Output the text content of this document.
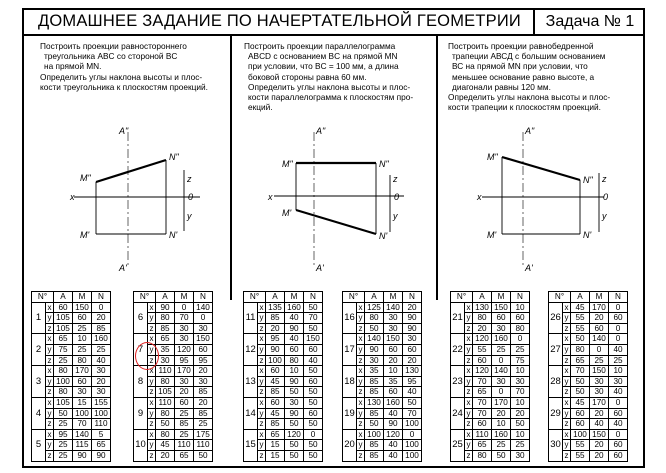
ДОМАШНЕЕ ЗАДАНИЕ ПО НАЧЕРТАТЕЛЬНОЙ ГЕОМЕТРИИ	Задача № 1
Построить проекции равностороннего
треугольника ABC со стороной BC
на прямой MN.
Определить углы наклона высоты и плос-
кости треугольника к плоскостям проекций.
Построить проекции параллелограмма
ABCD с основанием BC на прямой MN
при условии, что BC = 100 мм, а длина
боковой стороны равна 60 мм.
Определить углы наклона высоты и плос-
кости параллелограмма к плоскостям про-
екций.
Построить проекции равнобедренной
трапеции АВСД с большим основанием
ВС на прямой MN при условии, что
меньшее основание равно высоте, а
диагонали равны 120 мм.
Определить углы наклона высоты и плос-
кости трапеции к плоскостям проекций.
A"
M"
N"
x
z
0
y
M'	N'
A'
A"
M"	N"
x
z
0
y
M'
N'
A'
A"
M"
N"
x
z
0
y
M'	N'
A'
N°		A	M	N
1	x	60	150	0
	y	105	60	20
	z	105	25	85
2	x	65	10	160
	y	75	25	25
	z	25	80	40
3	x	80	170	30
	y	100	60	20
	z	80	30	30
4	x	105	15	155
	y	50	100	100
	z	25	70	110
5	x	95	140	5
	y	25	115	65
	z	25	90	90
N°		A	M	N
6	x	90	0	140
	y	80	70	0
	z	85	30	30
7	x	65	30	150
	y	35	120	60
	z	30	95	95
8	x	110	170	20
	y	80	30	30
	z	105	20	85
9	x	110	60	20
	y	80	25	85
	z	50	85	25
10	x	80	25	175
	y	45	110	110
	z	20	65	50
N°		A	M	N
11	x	135	160	50
	y	85	40	70
	z	20	90	50
12	x	95	40	150
	y	90	60	60
	z	100	80	40
13	x	60	10	50
	y	45	90	60
	z	85	50	50
14	x	60	30	50
	y	45	90	60
	z	85	50	50
15	x	65	120	0
	y	15	50	50
	z	15	50	50
N°		A	M	N
16	x	125	140	20
	y	80	30	90
	z	50	30	90
17	x	140	150	30
	y	90	60	60
	z	30	20	20
18	x	35	10	130
	y	85	35	95
	z	85	60	40
19	x	130	160	50
	y	85	40	70
	z	50	90	100
20	x	100	120	0
	y	85	40	100
	z	85	40	100
N°		A	M	N
21	x	130	150	10
	y	80	60	60
	z	20	30	80
22	x	120	160	0
	y	55	25	25
	z	60	0	75
23	x	120	140	10
	y	70	30	30
	z	65	0	70
24	x	70	170	10
	y	70	20	20
	z	60	10	50
25	x	110	160	10
	y	65	25	25
	z	80	50	30
N°		A	M	N
26	x	45	170	0
	y	55	20	60
	z	55	60	0
27	x	50	140	0
	y	80	0	40
	z	65	25	25
28	x	70	150	10
	y	50	30	30
	z	50	30	40
29	x	45	170	0
	y	60	20	60
	z	60	40	40
30	x	100	150	0
	y	55	20	60
	z	55	20	60
